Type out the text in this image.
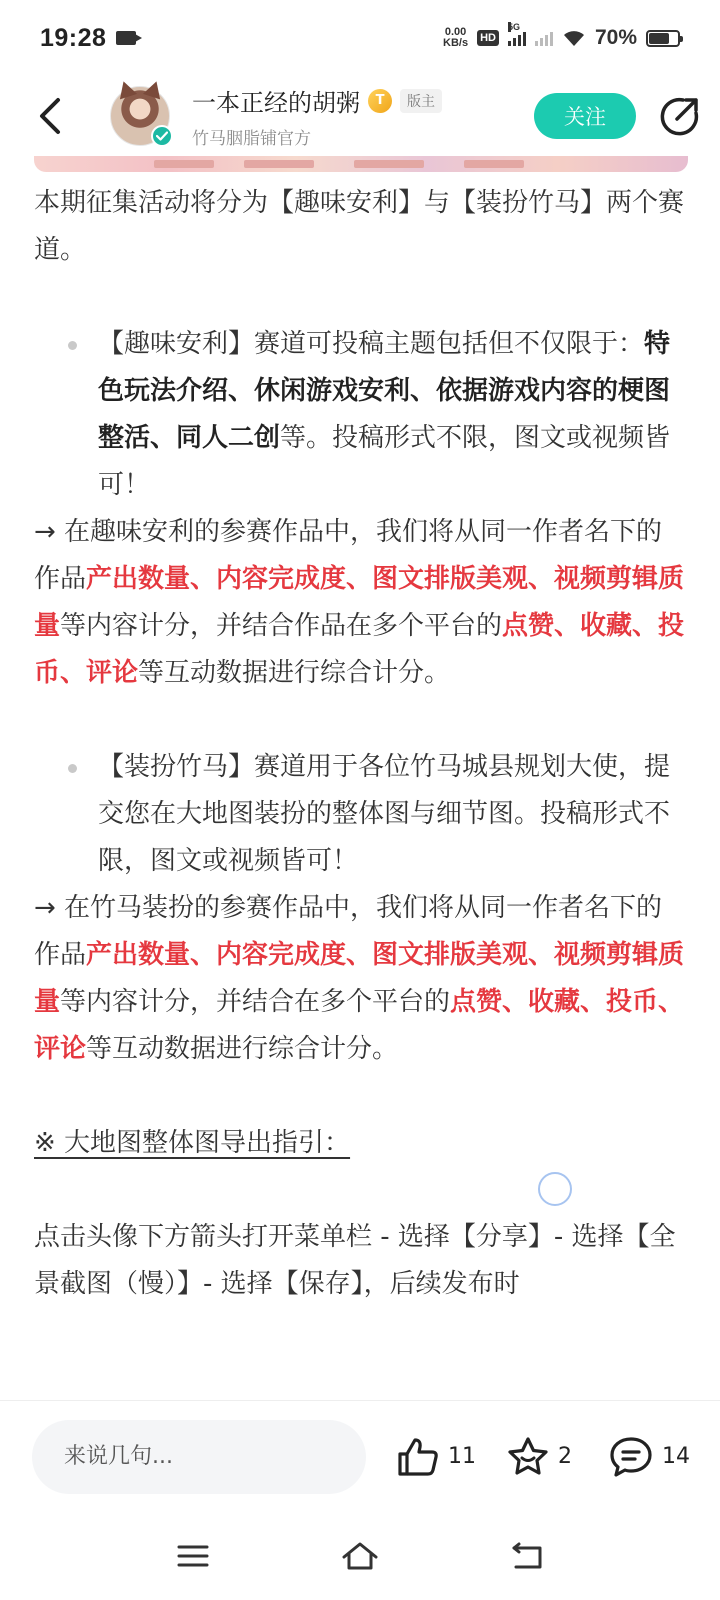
19:28	0.00
KB/s HD
5G	70%
一本正经的胡粥	T	版主
竹马胭脂铺官方
关注

本期征集活动将分为【趣味安利】与【装扮竹马】两个赛道。

【趣味安利】赛道可投稿主题包括但不仅限于：特色玩法介绍、休闲游戏安利、依据游戏内容的梗图整活、同人二创等。投稿形式不限，图文或视频皆可！

→ 在趣味安利的参赛作品中，我们将从同一作者名下的作品产出数量、内容完成度、图文排版美观、视频剪辑质量等内容计分，并结合作品在多个平台的点赞、收藏、投币、评论等互动数据进行综合计分。

【装扮竹马】赛道用于各位竹马城县规划大使，提交您在大地图装扮的整体图与细节图。投稿形式不限，图文或视频皆可！

→ 在竹马装扮的参赛作品中，我们将从同一作者名下的作品产出数量、内容完成度、图文排版美观、视频剪辑质量等内容计分，并结合在多个平台的点赞、收藏、投币、评论等互动数据进行综合计分。

※ 大地图整体图导出指引：

点击头像下方箭头打开菜单栏 - 选择【分享】- 选择【全景截图（慢）】- 选择【保存】，后续发布时

来说几句...
11	2	14
